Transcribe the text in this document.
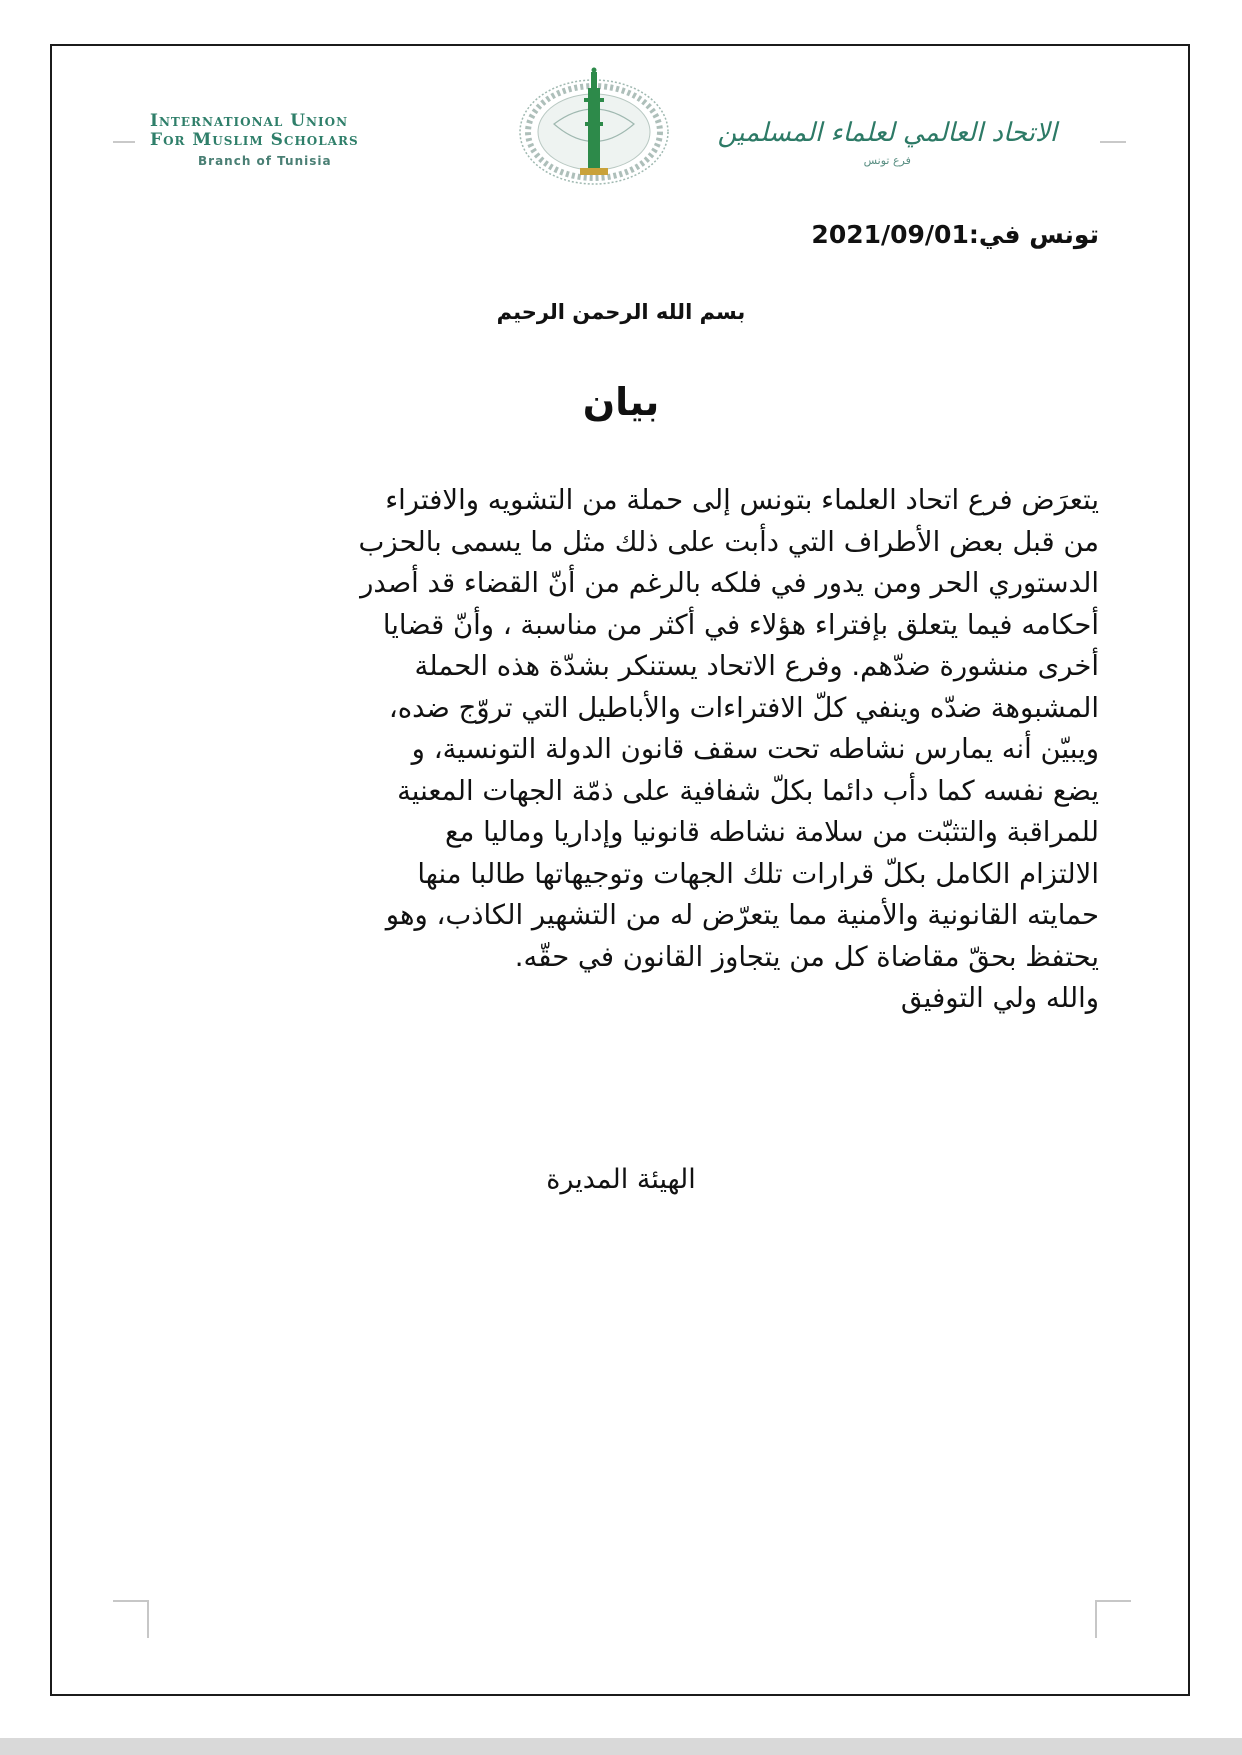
International Union
For Muslim Scholars
Branch of Tunisia
الاتحاد العالمي لعلماء المسلمين
فرع تونس
تونس في:2021/09/01
بسم الله الرحمن الرحيم
بيان
يتعرَض فرع اتحاد العلماء بتونس إلى حملة من التشويه والافتراء
من قبل بعض الأطراف التي دأبت على ذلك مثل ما يسمى بالحزب
الدستوري الحر ومن يدور في فلكه بالرغم من أنّ القضاء قد أصدر
أحكامه فيما يتعلق بإفتراء هؤلاء في أكثر من مناسبة ، وأنّ قضايا
أخرى منشورة ضدّهم. وفرع الاتحاد يستنكر بشدّة هذه الحملة
المشبوهة ضدّه وينفي كلّ الافتراءات والأباطيل التي تروّج ضده،
ويبيّن أنه يمارس نشاطه تحت سقف قانون الدولة التونسية، و
يضع نفسه كما دأب دائما بكلّ شفافية على ذمّة الجهات المعنية
للمراقبة والتثبّت من سلامة نشاطه قانونيا وإداريا وماليا مع
الالتزام الكامل بكلّ قرارات تلك الجهات وتوجيهاتها طالبا منها
حمايته القانونية والأمنية مما يتعرّض له من التشهير الكاذب، وهو
يحتفظ بحقّ مقاضاة كل من يتجاوز القانون في حقّه.
والله ولي التوفيق
الهيئة المديرة
